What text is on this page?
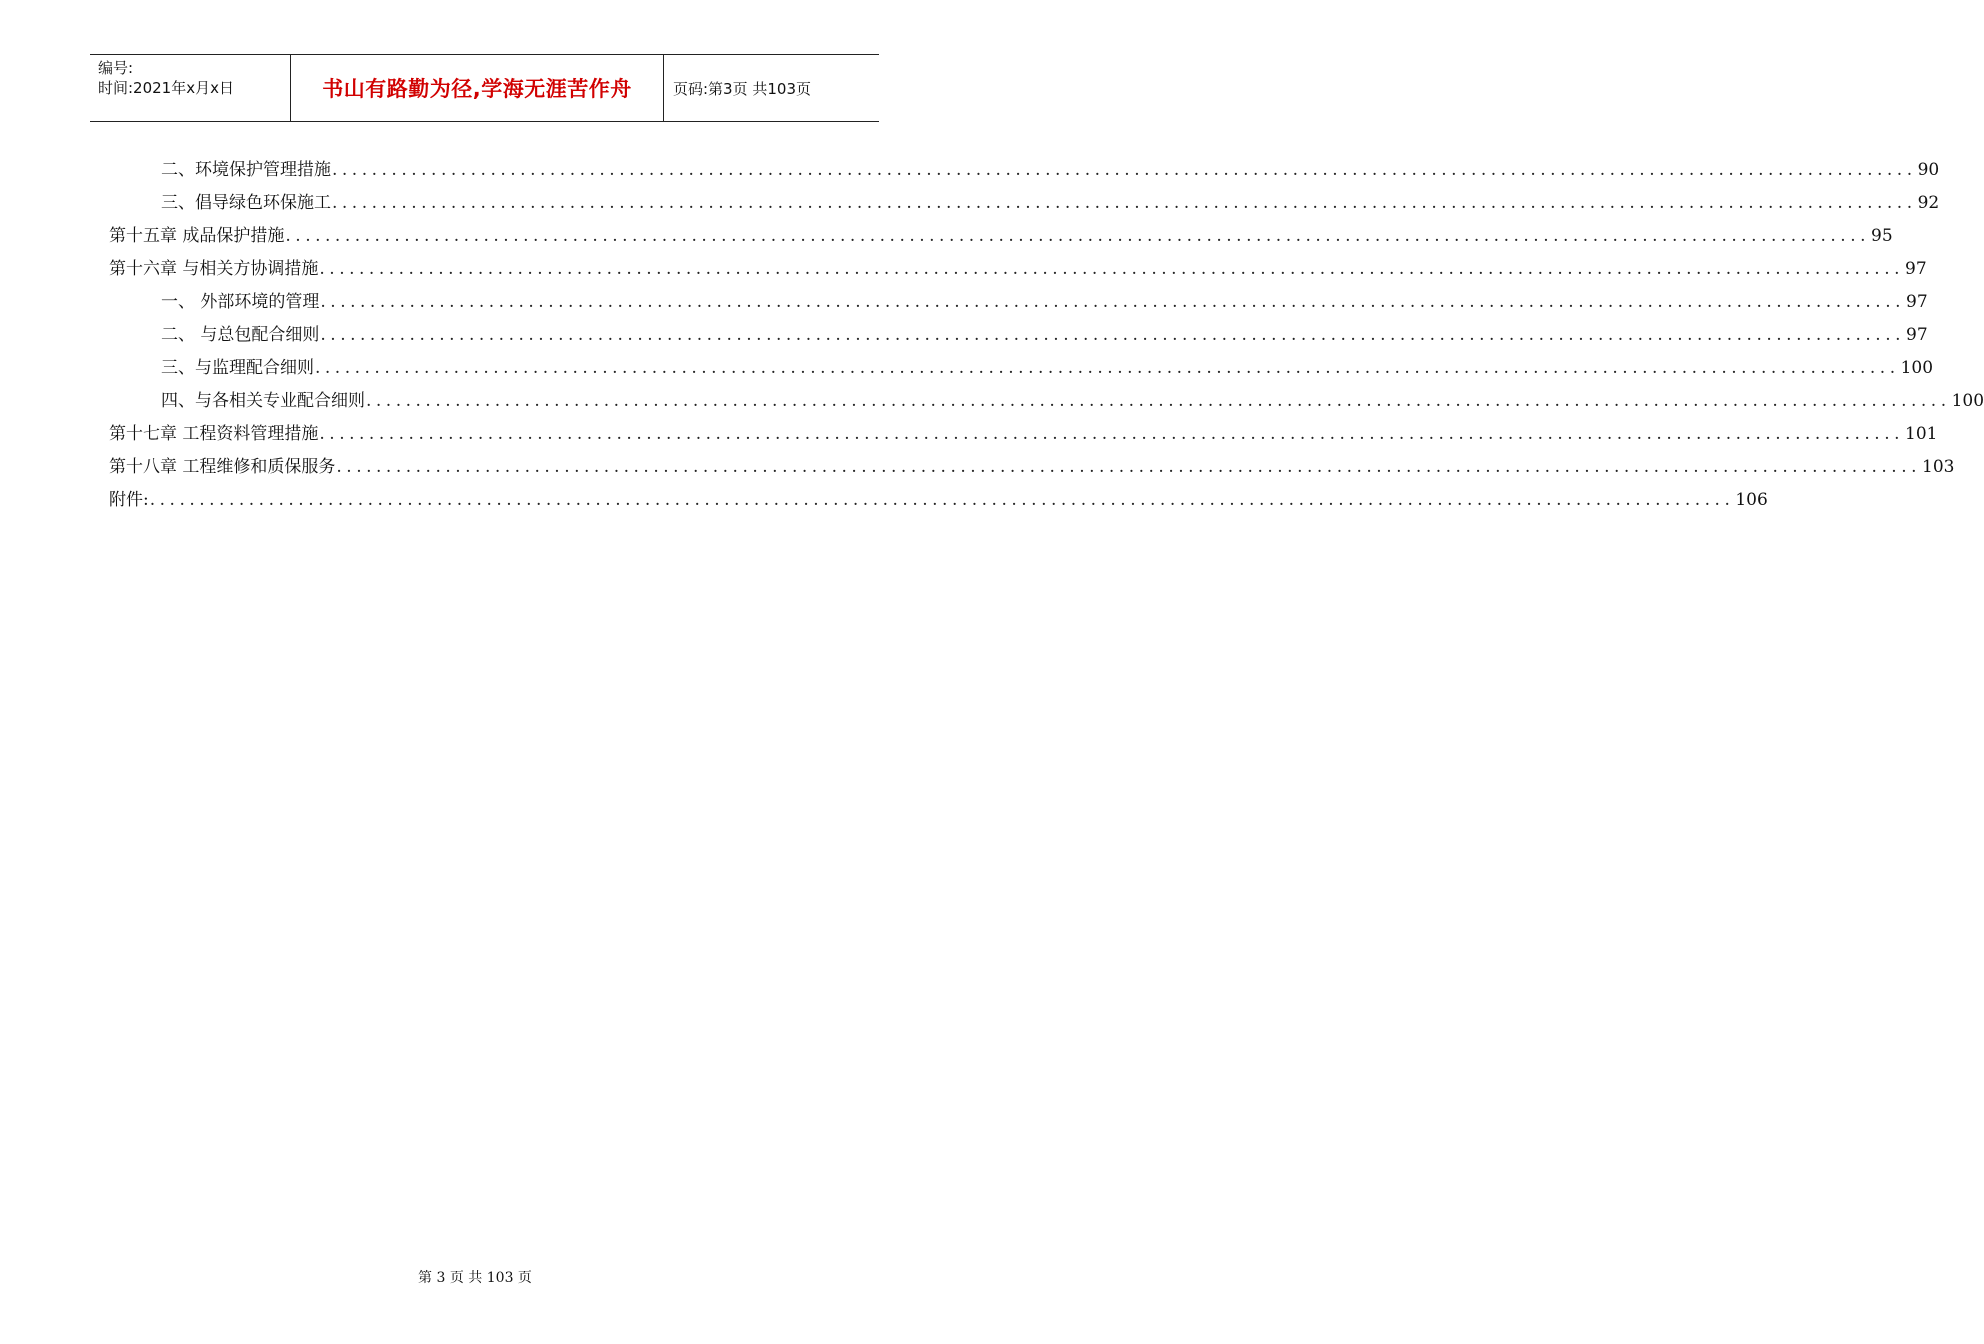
编号:
时间:2021年x月x日	书山有路勤为径,学海无涯苦作舟	页码:第3页 共103页
二、环境保护管理措施 ................................................................................................................................................................ 90
三、倡导绿色环保施工 ................................................................................................................................................................ 92
第十五章 成品保护措施 ................................................................................................................................................................ 95
第十六章 与相关方协调措施 ................................................................................................................................................................ 97
一、 外部环境的管理 ................................................................................................................................................................ 97
二、 与总包配合细则 ................................................................................................................................................................ 97
三、与监理配合细则 ................................................................................................................................................................ 100
四、与各相关专业配合细则 ................................................................................................................................................................ 100
第十七章 工程资料管理措施 ................................................................................................................................................................ 101
第十八章 工程维修和质保服务 ................................................................................................................................................................ 103
附件: ................................................................................................................................................................ 106
第 3 页 共 103 页
